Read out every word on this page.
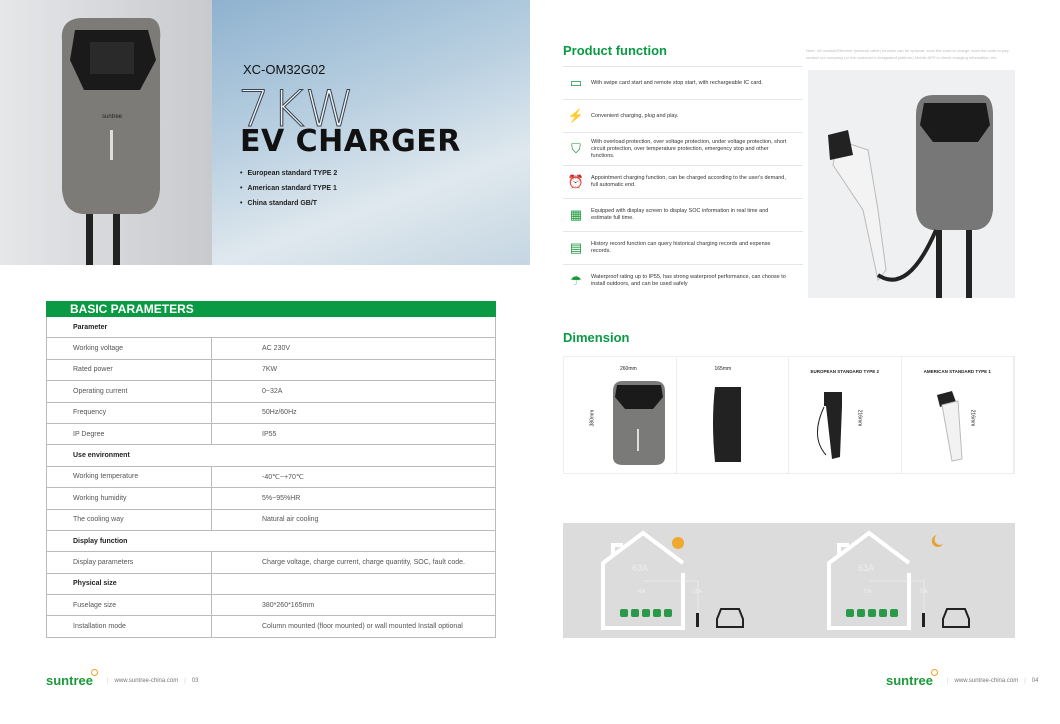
suntree
XC-OM32G02
7KW
EV CHARGER
• European standard TYPE 2
• American standard TYPE 1
• China standard GB/T
BASIC PARAMETERS
Parameter
Working voltage	AC 230V
Rated power	7KW
Operating current	0~32A
Frequency	50Hz/60Hz
IP Degree	IP55
Use environment
Working temperature	-40℃~+70℃
Working humidity	5%~95%HR
The cooling way	Natural air cooling
Display function
Display parameters	Charge voltage, charge current, charge quantity, SOC, fault code.
Physical size
Fuselage size	380*260*165mm
Installation mode	Column mounted (floor mounted) or wall mounted Install optional
suntree | www.suntree-china.com | 03	suntree | www.suntree-china.com | 04
Product function	Note: 4G module/Ethernet (network cable) function can be optional, scan the code to charge; scan the code to pay; contact our company (or the customer's designated platform) Mobile APP to check charging information, etc.
▭	With swipe card start and remote stop start, with rechargeable IC card.
⚡	Convenient charging, plug and play.
⛉	With overload protection, over voltage protection, under voltage protection, short circuit protection, over temperature protection, emergency stop and other functions.
⏰	Appointment charging function, can be charged according to the user's demand, full automatic end.
▦	Equipped with display screen to display SOC information in real time and estimate full time.
▤	History record function can query historical charging records and expense records.
☂	Waterproof rating up to IP55, has strong waterproof performance, can choose to install outdoors, and can be used safely
Dimension
260mm
380mm
165mm	EUROPEAN STANDARD TYPE 2
216mm
AMERICAN STANDARD TYPE 1
216mm
63A
48A	15A
63A
31A	32A
